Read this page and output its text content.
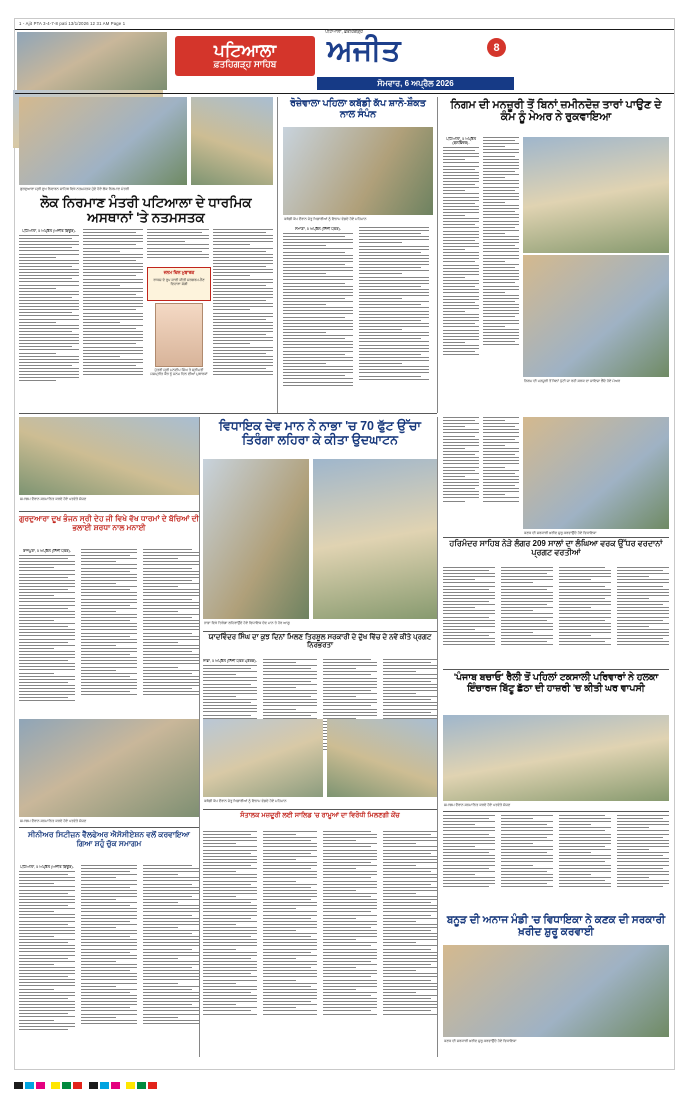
1 - Ajit PTA 3-4-7-8 pati 13/1/2026 12 31 AM Page 1
ਪਟਿਆਲਾ, ਫ਼ਤਹਿਗੜ੍ਹ
ਪਟਿਆਲਾ
ਫ਼ਤਹਿਗੜ੍ਹ ਸਾਹਿਬ ਅਜੀਤ	8
ਸੋਮਵਾਰ, 6 ਅਪ੍ਰੈਲ 2026
ਗੁਰਦੁਆਰਾ ਸ੍ਰੀ ਦੂਖ ਨਿਵਾਰਨ ਸਾਹਿਬ ਵਿਖੇ ਨਤਮਸਤਕ ਹੁੰਦੇ ਹੋਏ ਲੋਕ ਨਿਰਮਾਣ ਮੰਤਰੀ
ਲੋਕ ਨਿਰਮਾਣ ਮੰਤਰੀ ਪਟਿਆਲਾ ਦੇ ਧਾਰਮਿਕ ਅਸਥਾਨਾਂ 'ਤੇ ਨਤਮਸਤਕ
ਪਟਿਆਲਾ, 5 ਅਪ੍ਰੈਲ (ਅਜੀਤ ਬਿਊਰੋ)-
ਜਨਮ ਦਿਨ ਮੁਬਾਰਕ
ਰਾਕਸ਼ ਦੇ ਰੂਪ ਕਾਰੀ ਕੀਤੀ ਸਰਗਰਮ-ਨੈਣ ਦਿਹਾੜਾ ਸੰਗੀ
ਪੁੱਤਰੀ ਸ੍ਰੀ ਮਨਦੀਪ ਸਿੰਘ ਤੇ ਸ੍ਰੀਮਤੀ ਜਸਪ੍ਰੀਤ ਕੌਰ ਨੂੰ ਜਨਮ ਦਿਨ ਦੀਆਂ ਮੁਬਾਰਕਾਂ
ਰੋਜ਼ੇਵਾਲਾ ਪਹਿਲਾ ਕਬੱਡੀ ਕੱਪ ਸ਼ਾਨੋ-ਸ਼ੌਕਤ ਨਾਲ ਸੰਪੰਨ
ਕਬੱਡੀ ਕੱਪ ਦੌਰਾਨ ਜੇਤੂ ਖਿਡਾਰੀਆਂ ਨੂੰ ਇਨਾਮ ਵੰਡਦੇ ਹੋਏ ਮਹਿਮਾਨ
ਸਮਾਣਾ, 5 ਅਪ੍ਰੈਲ (ਨਿੱਜੀ ਪੱਤਰ)-
ਨਿਗਮ ਦੀ ਮਨਜ਼ੂਰੀ ਤੋਂ ਬਿਨਾਂ ਜ਼ਮੀਨਦੋਜ਼ ਤਾਰਾਂ ਪਾਉਣ ਦੇ ਕੰਮ ਨੂੰ ਮੇਅਰ ਨੇ ਰੁਕਵਾਇਆ
ਨਿਗਮ ਦੀ ਮਨਜ਼ੂਰੀ ਤੋਂ ਬਿਨਾਂ ਪੁੱਟੀ ਜਾ ਰਹੀ ਸੜਕ ਦਾ ਜਾਇਜ਼ਾ ਲੈਂਦੇ ਹੋਏ ਮੇਅਰ
ਪਟਿਆਲਾ, 5 ਅਪ੍ਰੈਲ (ਬਲਵਿੰਦਰ)-
ਸਮਾਗਮ ਦੌਰਾਨ ਸਨਮਾਨਿਤ ਕਰਦੇ ਹੋਏ ਪਤਵੰਤੇ ਸੱਜਣ
ਵਿਧਾਇਕ ਦੇਵ ਮਾਨ ਨੇ ਨਾਭਾ 'ਚ 70 ਫੁੱਟ ਉੱਚਾ ਤਿਰੰਗਾ ਲਹਿਰਾ ਕੇ ਕੀਤਾ ਉਦਘਾਟਨ
ਨਾਭਾ ਵਿਖੇ ਤਿਰੰਗਾ ਲਹਿਰਾਉਂਦੇ ਹੋਏ ਵਿਧਾਇਕ ਦੇਵ ਮਾਨ ਤੇ ਹੋਰ ਆਗੂ
ਕਣਕ ਦੀ ਸਰਕਾਰੀ ਖ਼ਰੀਦ ਸ਼ੁਰੂ ਕਰਵਾਉਂਦੇ ਹੋਏ ਵਿਧਾਇਕਾ
ਹਰਿਮੰਦਰ ਸਾਹਿਬ ਨੇੜੇ ਲੰਗਰ 209 ਸਾਲਾਂ ਦਾ ਲੰਘਿਆ ਵਰਕ ਉੱਧਰ ਵਰਦਾਨਾਂ ਪ੍ਰਗਟ ਵਰਤੀਆਂ
ਗੁਰਦੁਆਰਾ ਦੂਖ ਭੰਜਨ ਸ੍ਰੀ ਦੇਹ ਜੀ ਵਿਖੇ ਵੱਖ ਧਾਰਮਾਂ ਦੇ ਬੱਚਿਆਂ ਦੀ ਭਲਾਈ ਸ਼ਰਧਾ ਨਾਲ ਮਨਾਈ
ਰਾਜਪੁਰਾ, 5 ਅਪ੍ਰੈਲ (ਨਿੱਜੀ ਪੱਤਰ)-
ਯਾਦਵਿੰਦਰ ਸਿੰਘ ਦਾ ਕੁਝ ਦਿਨਾਂ ਮਿਲਣ ਤਿਰਸ਼ੂਲ ਸਰਕਾਰੀ ਦੇ ਦੁੱਖ ਵਿੱਚ ਦੇ ਨਵੇਂ ਕੀਤੇ ਪ੍ਰਗਟ ਨਿਰਭਰਤਾ
ਨਾਭਾ, 5 ਅਪ੍ਰੈਲ (ਨਿੱਜੀ ਪੱਤਰ ਪ੍ਰੇਰਕ)-
ਸਮਾਗਮ ਦੌਰਾਨ ਸਨਮਾਨਿਤ ਕਰਦੇ ਹੋਏ ਪਤਵੰਤੇ ਸੱਜਣ
ਕਬੱਡੀ ਕੱਪ ਦੌਰਾਨ ਜੇਤੂ ਖਿਡਾਰੀਆਂ ਨੂੰ ਇਨਾਮ ਵੰਡਦੇ ਹੋਏ ਮਹਿਮਾਨ
ਸੀਨੀਅਰ ਸਿਟੀਜ਼ਨ ਵੈੱਲਫੇਅਰ ਐਸੋਸੀਏਸ਼ਨ ਵਲੋਂ ਕਰਵਾਇਆ ਗਿਆ ਸ਼ਹੁੰ ਚੁੱਕ ਸਮਾਗਮ
ਪਟਿਆਲਾ, 5 ਅਪ੍ਰੈਲ (ਅਜੀਤ ਬਿਊਰੋ)-
ਸੰਤਾਲਕ ਮਜ਼ਦੂਰੀ ਲਈ ਸਾਲਿਡ 'ਚ ਰਾਮੂਆਂ ਦਾ ਵਿਰੋਧੀ ਮਿਲਣਗੀ ਕੋਂਚ
'ਪੰਜਾਬ ਬਚਾਓ' ਰੈਲੀ ਤੋਂ ਪਹਿਲਾਂ ਟਕਸਾਲੀ ਪਰਿਵਾਰਾਂ ਨੇ ਹਲਕਾ ਇੰਚਾਰਜ ਬਿੱਟੂ ਛੱਠਾ ਦੀ ਹਾਜ਼ਰੀ 'ਚ ਕੀਤੀ ਘਰ ਵਾਪਸੀ
ਸਮਾਗਮ ਦੌਰਾਨ ਸਨਮਾਨਿਤ ਕਰਦੇ ਹੋਏ ਪਤਵੰਤੇ ਸੱਜਣ
ਬਨੂੜ ਦੀ ਅਨਾਜ ਮੰਡੀ 'ਚ ਵਿਧਾਇਕਾ ਨੇ ਕਣਕ ਦੀ ਸਰਕਾਰੀ ਖ਼ਰੀਦ ਸ਼ੁਰੂ ਕਰਵਾਈ
ਕਣਕ ਦੀ ਸਰਕਾਰੀ ਖ਼ਰੀਦ ਸ਼ੁਰੂ ਕਰਵਾਉਂਦੇ ਹੋਏ ਵਿਧਾਇਕਾ
